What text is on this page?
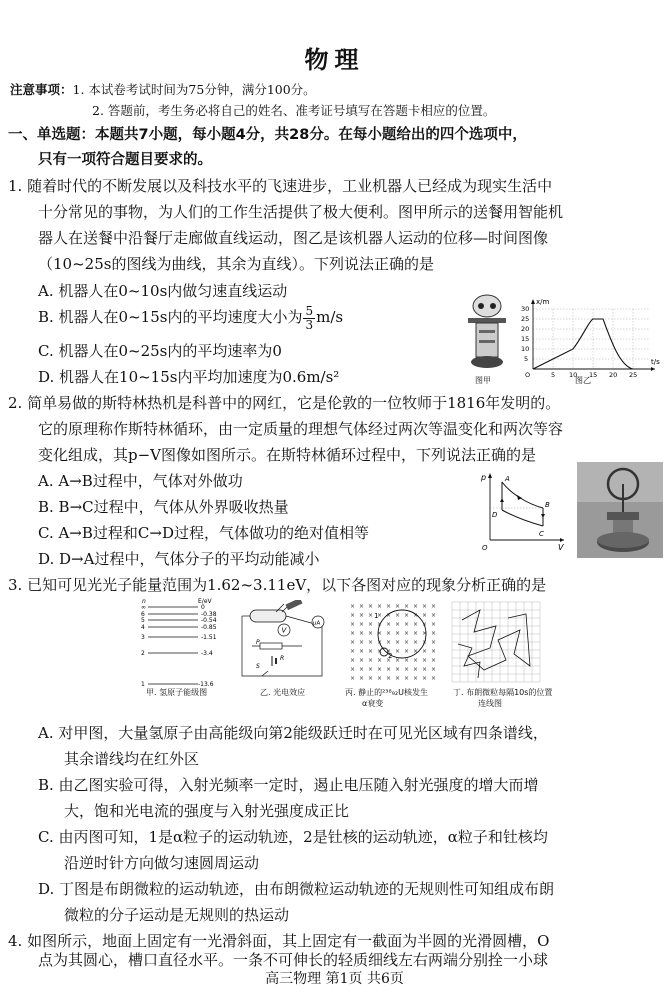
物理
注意事项：1. 本试卷考试时间为75分钟，满分100分。
2. 答题前，考生务必将自己的姓名、准考证号填写在答题卡相应的位置。
一、单选题：本题共7小题，每小题4分，共28分。在每小题给出的四个选项中，
只有一项符合题目要求的。
1. 随着时代的不断发展以及科技水平的飞速进步，工业机器人已经成为现实生活中
十分常见的事物，为人们的工作生活提供了极大便利。图甲所示的送餐用智能机
器人在送餐中沿餐厅走廊做直线运动，图乙是该机器人运动的位移—时间图像
（10~25s的图线为曲线，其余为直线）。下列说法正确的是
A. 机器人在0~10s内做匀速直线运动
B. 机器人在0~15s内的平均速度大小为 $\frac{5}{3} m/s$
C. 机器人在0~25s内的平均速率为0
D. 机器人在10~15s内平均加速度为0.6m/s²	图甲
x/m
t/s
O
30
25
20
15
10
5
5 10 15 20 25
图乙
2. 简单易做的斯特林热机是科普中的网红，它是伦敦的一位牧师于1816年发明的。
它的原理称作斯特林循环，由一定质量的理想气体经过两次等温变化和两次等容
变化组成，其p−V图像如图所示。在斯特林循环过程中，下列说法正确的是
A. A→B过程中，气体对外做功
B. B→C过程中，气体从外界吸收热量
C. A→B过程和C→D过程，气体做功的绝对值相等
D. D→A过程中，气体分子的平均动能减小
p
V
O
A
B
C
D
3. 已知可见光光子能量范围为1.62~3.11eV，以下各图对应的现象分析正确的是
n	E/eV
∞	0
6	-0.38
5	-0.54
4	-0.85
3	-1.51
2	-3.4
1	-13.6
甲. 氢原子能级图
V
μA
P
R
S
乙. 光电效应
× × × × × × × × × ×
× × × × × × × × × ×
× × × × × × × × × ×
× × × × × × × × × ×
× × × × × × × × × ×
× × × × × × × × × ×
× × × × × × × × × ×
× × × × × × × × × ×
× × × × × × × × × ×
1
2
丙. 静止的²³⁸₉₂U核发生
α衰变
丁. 布朗微粒每隔10s的位置
连线图
A. 对甲图，大量氢原子由高能级向第2能级跃迁时在可见光区域有四条谱线，
其余谱线均在红外区
B. 由乙图实验可得，入射光频率一定时，遏止电压随入射光强度的增大而增
大，饱和光电流的强度与入射光强度成正比
C. 由丙图可知，1是α粒子的运动轨迹，2是钍核的运动轨迹，α粒子和钍核均
沿逆时针方向做匀速圆周运动
D. 丁图是布朗微粒的运动轨迹，由布朗微粒运动轨迹的无规则性可知组成布朗
微粒的分子运动是无规则的热运动
4. 如图所示，地面上固定有一光滑斜面，其上固定有一截面为半圆的光滑圆槽，O
点为其圆心，槽口直径水平。一条不可伸长的轻质细线左右两端分别拴一小球
高三物理 第1页 共6页
